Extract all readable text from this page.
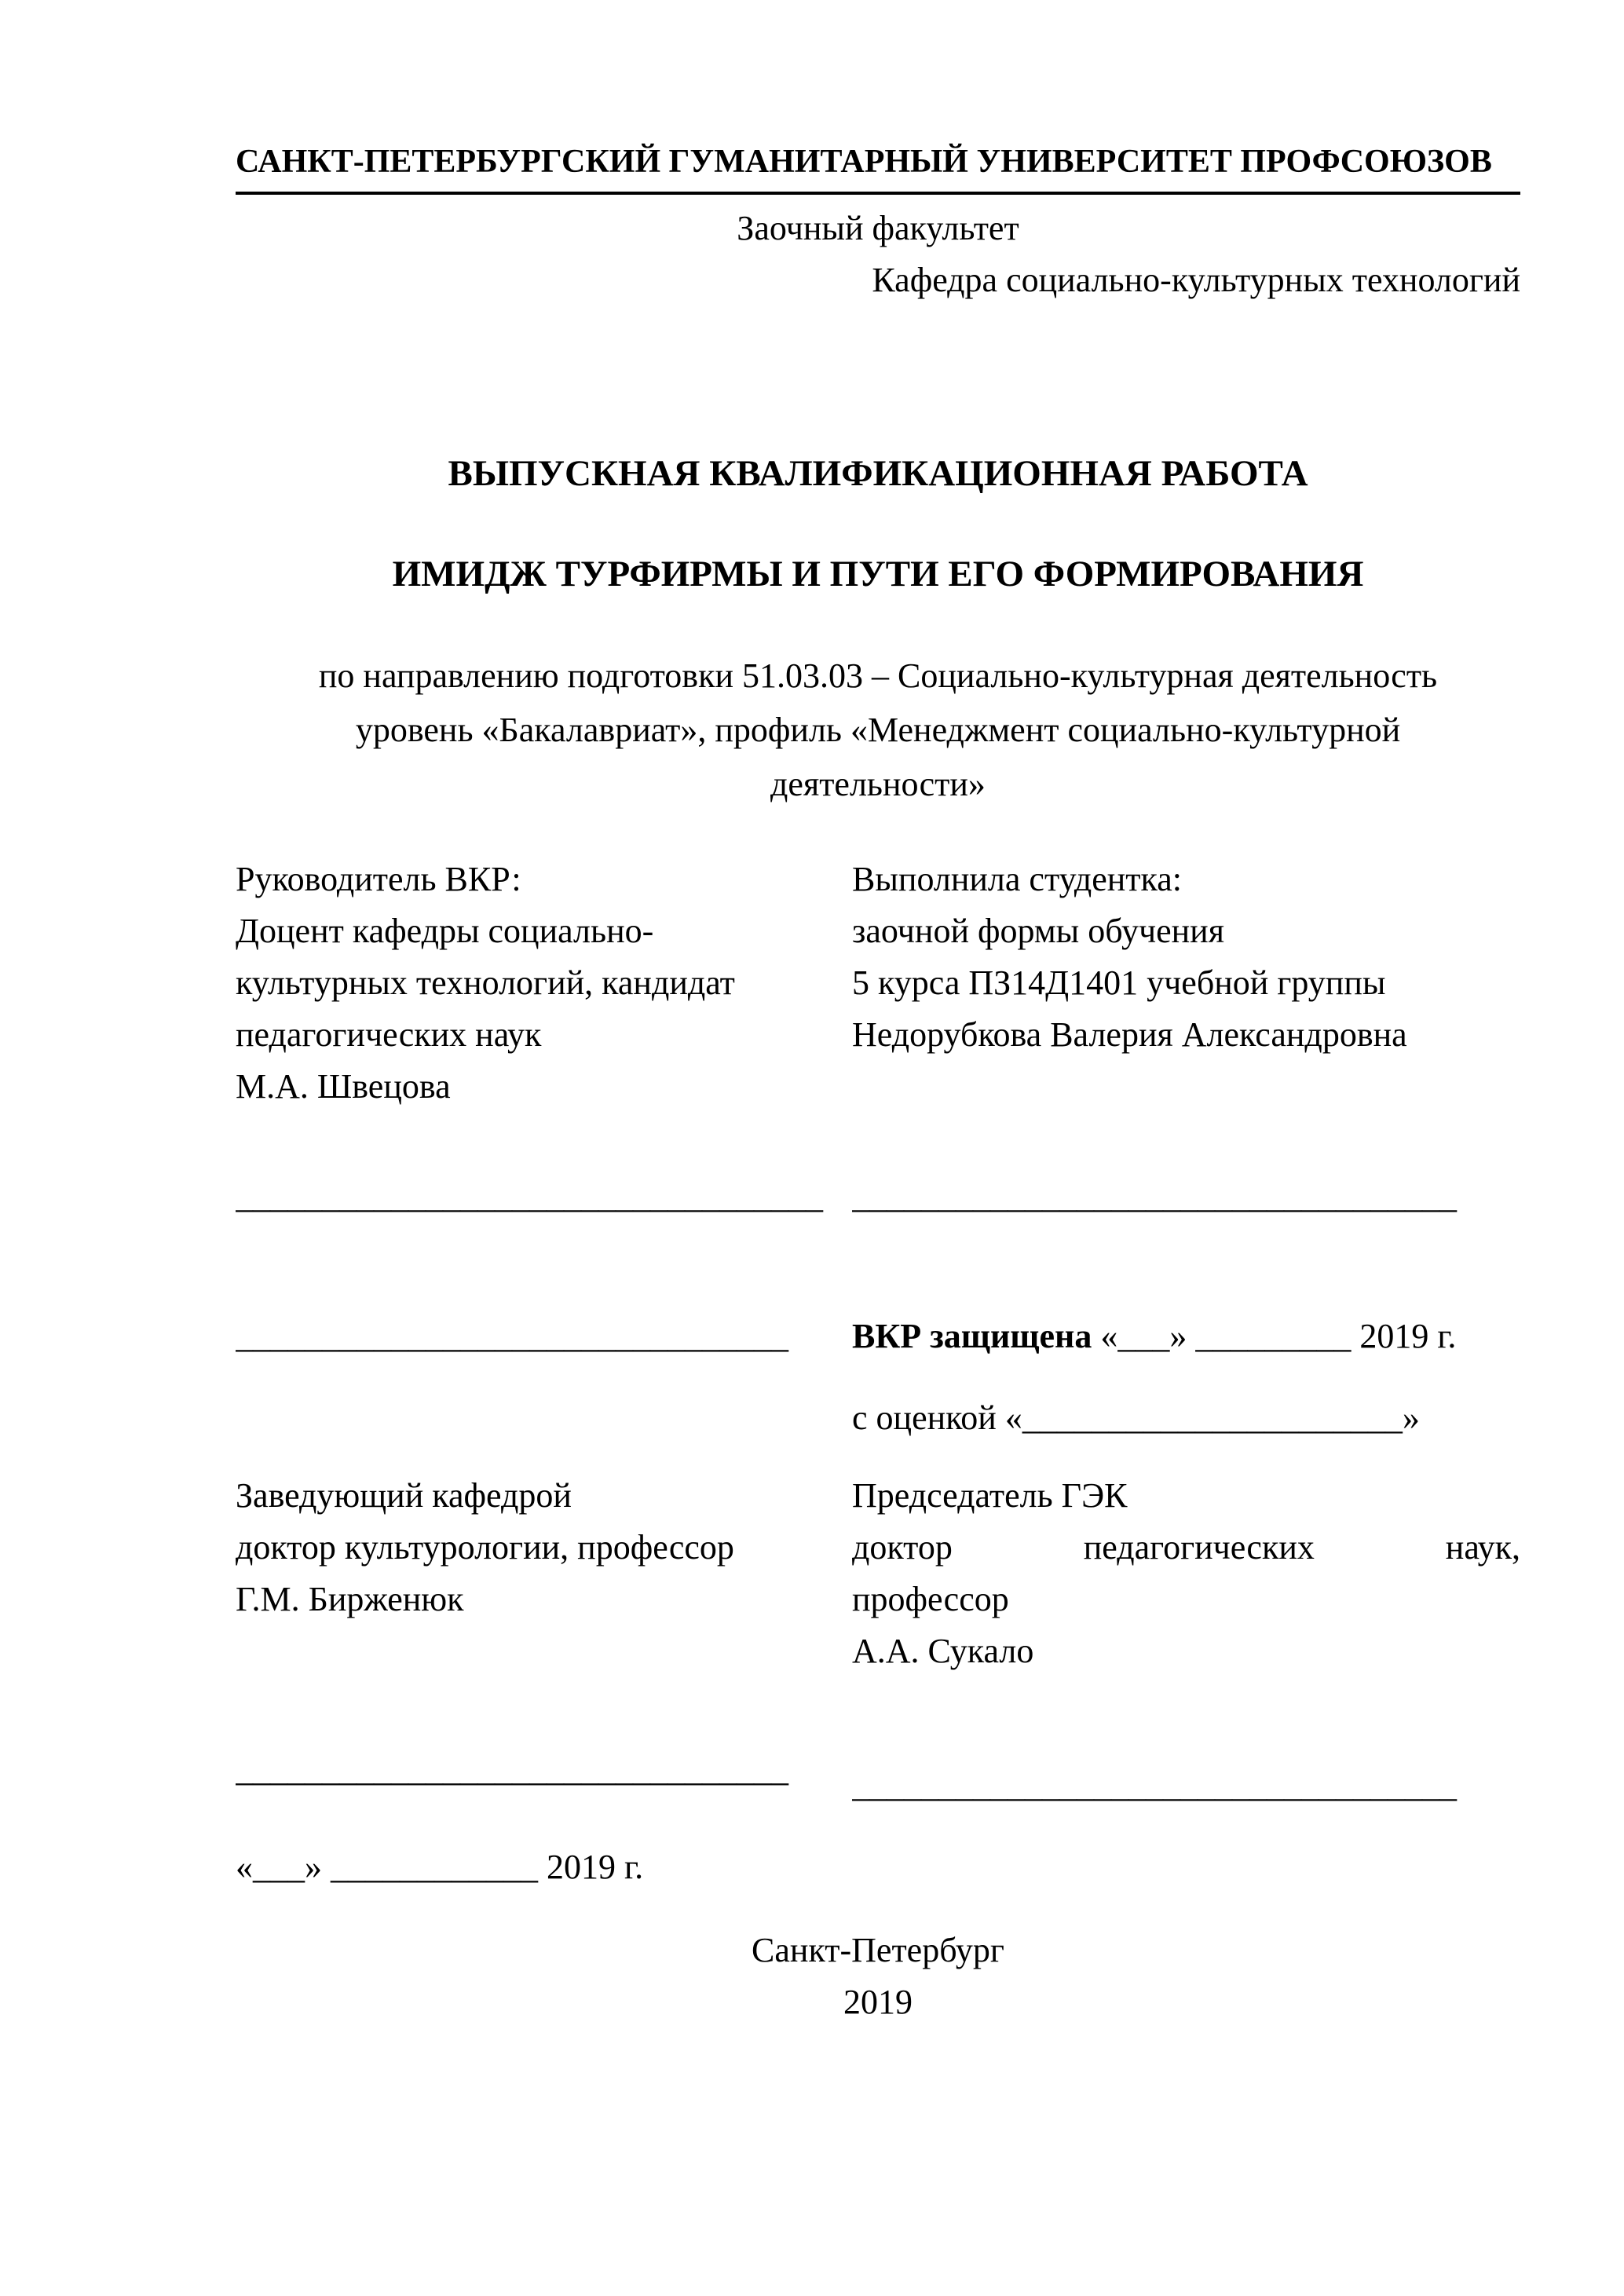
САНКТ-ПЕТЕРБУРГСКИЙ ГУМАНИТАРНЫЙ УНИВЕРСИТЕТ ПРОФСОЮЗОВ
Заочный факультет
Кафедра социально-культурных технологий
ВЫПУСКНАЯ КВАЛИФИКАЦИОННАЯ РАБОТА
ИМИДЖ ТУРФИРМЫ И ПУТИ ЕГО ФОРМИРОВАНИЯ
по направлению подготовки 51.03.03 – Социально-культурная деятельность
уровень «Бакалавриат», профиль «Менеджмент социально-культурной
деятельности»
Руководитель ВКР:
Доцент кафедры социально-
культурных технологий, кандидат
педагогических наук
М.А. Швецова
Выполнила студентка:
заочной формы обучения
5 курса ПЗ14Д1401 учебной группы
Недорубкова Валерия Александровна
__________________________________ ___________________________________
________________________________	ВКР защищена «___» _________ 2019 г.
с оценкой «______________________»
Заведующий кафедрой
доктор культурологии, профессор
Г.М. Бирженюк
Председатель ГЭК
доктор педагогических наук,
профессор
А.А. Сукало
________________________________	___________________________________
«___» ____________ 2019 г.
Санкт-Петербург
2019
